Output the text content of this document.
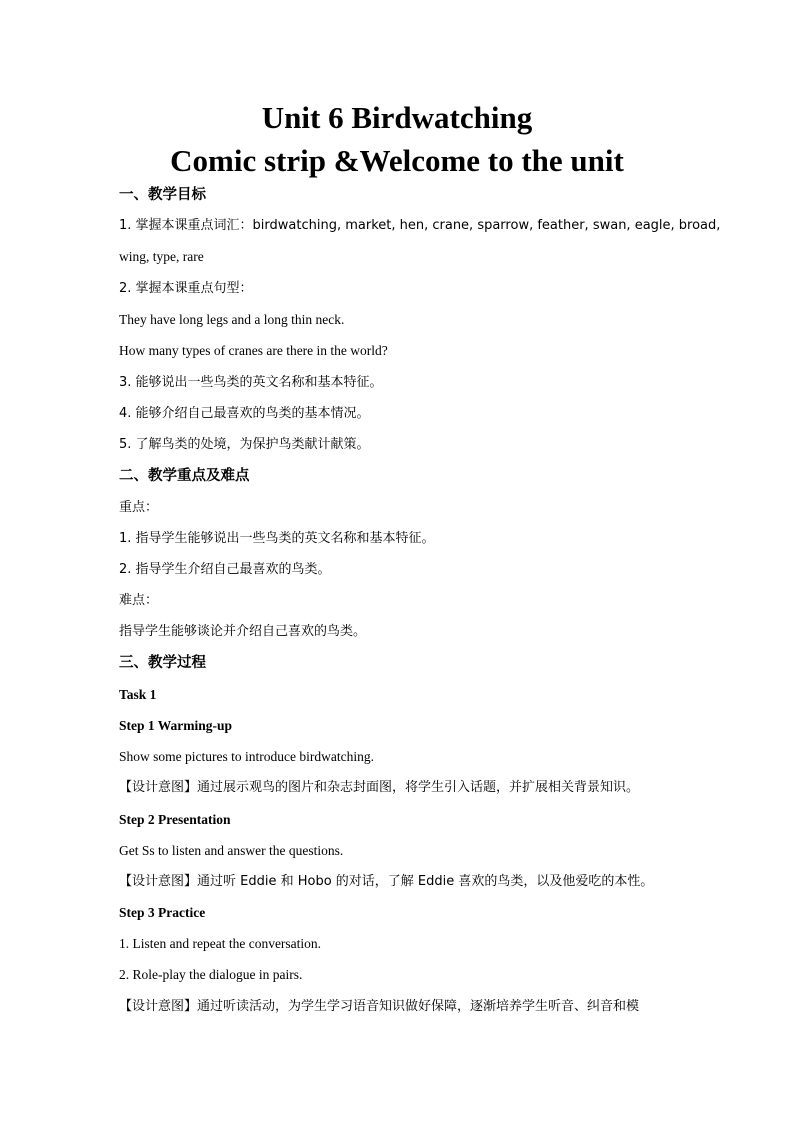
Unit 6 Birdwatching
Comic strip &Welcome to the unit
一、教学目标
1. 掌握本课重点词汇：birdwatching, market, hen, crane, sparrow, feather, swan, eagle, broad,
wing, type, rare
2. 掌握本课重点句型：
They have long legs and a long thin neck.
How many types of cranes are there in the world?
3. 能够说出一些鸟类的英文名称和基本特征。
4. 能够介绍自己最喜欢的鸟类的基本情况。
5. 了解鸟类的处境，为保护鸟类献计献策。
二、教学重点及难点
重点：
1. 指导学生能够说出一些鸟类的英文名称和基本特征。
2. 指导学生介绍自己最喜欢的鸟类。
难点：
指导学生能够谈论并介绍自己喜欢的鸟类。
三、教学过程
Task 1
Step 1 Warming-up
Show some pictures to introduce birdwatching.
【设计意图】通过展示观鸟的图片和杂志封面图，将学生引入话题，并扩展相关背景知识。
Step 2 Presentation
Get Ss to listen and answer the questions.
【设计意图】通过听 Eddie 和 Hobo 的对话，了解 Eddie 喜欢的鸟类，以及他爱吃的本性。
Step 3 Practice
1. Listen and repeat the conversation.
2. Role-play the dialogue in pairs.
【设计意图】通过听读活动，为学生学习语音知识做好保障，逐渐培养学生听音、纠音和模
